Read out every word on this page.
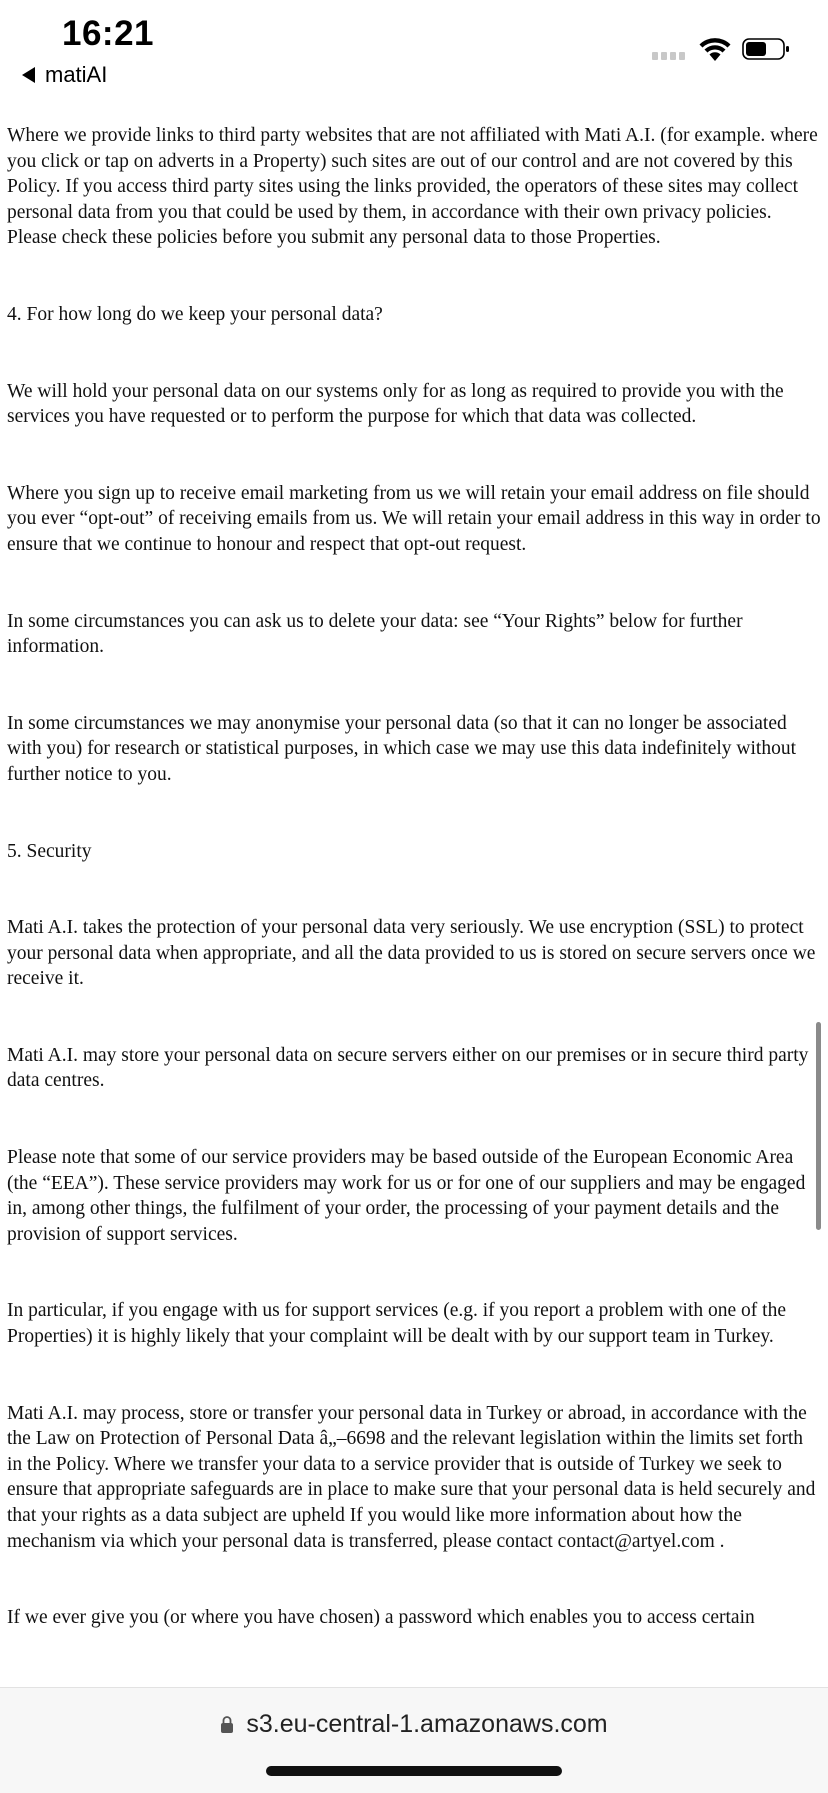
16:21
matiAI

Where we provide links to third party websites that are not affiliated with Mati A.I. (for example. where you click or tap on adverts in a Property) such sites are out of our control and are not covered by this Policy. If you access third party sites using the links provided, the operators of these sites may collect personal data from you that could be used by them, in accordance with their own privacy policies. Please check these policies before you submit any personal data to those Properties.

4. For how long do we keep your personal data?

We will hold your personal data on our systems only for as long as required to provide you with the services you have requested or to perform the purpose for which that data was collected.

Where you sign up to receive email marketing from us we will retain your email address on file should you ever “opt-out” of receiving emails from us. We will retain your email address in this way in order to ensure that we continue to honour and respect that opt-out request.

In some circumstances you can ask us to delete your data: see “Your Rights” below for further information.

In some circumstances we may anonymise your personal data (so that it can no longer be associated with you) for research or statistical purposes, in which case we may use this data indefinitely without further notice to you.

5. Security

Mati A.I. takes the protection of your personal data very seriously. We use encryption (SSL) to protect your personal data when appropriate, and all the data provided to us is stored on secure servers once we receive it.

Mati A.I. may store your personal data on secure servers either on our premises or in secure third party data centres.

Please note that some of our service providers may be based outside of the European Economic Area (the “EEA”). These service providers may work for us or for one of our suppliers and may be engaged in, among other things, the fulfilment of your order, the processing of your payment details and the provision of support services.

In particular, if you engage with us for support services (e.g. if you report a problem with one of the Properties) it is highly likely that your complaint will be dealt with by our support team in Turkey.

Mati A.I. may process, store or transfer your personal data in Turkey or abroad, in accordance with the the Law on Protection of Personal Data â„–6698 and the relevant legislation within the limits set forth in the Policy. Where we transfer your data to a service provider that is outside of Turkey we seek to ensure that appropriate safeguards are in place to make sure that your personal data is held securely and that your rights as a data subject are upheld If you would like more information about how the mechanism via which your personal data is transferred, please contact contact@artyel.com .

If we ever give you (or where you have chosen) a password which enables you to access certain

s3.eu-central-1.amazonaws.com
